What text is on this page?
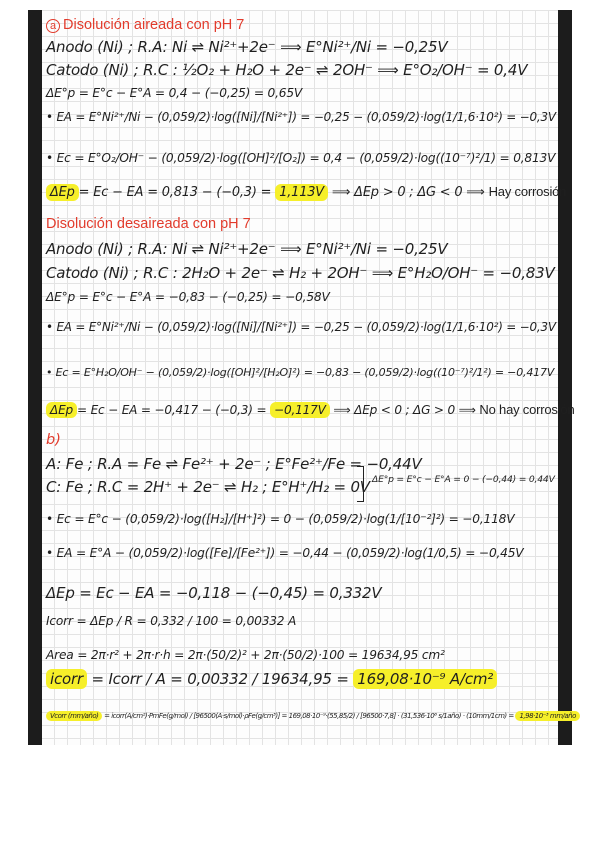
a Disolución aireada con pH 7
Anodo (Ni) ; R.A: Ni ⇌ Ni²⁺+2e⁻ ⟹ E°Ni²⁺/Ni = −0,25V
Catodo (Ni) ; R.C : ½O₂ + H₂O + 2e⁻ ⇌ 2OH⁻ ⟹ E°O₂/OH⁻ = 0,4V
ΔE°p = E°c − E°A = 0,4 − (−0,25) = 0,65V
• EA = E°Ni²⁺/Ni − (0,059/2)·log([Ni]/[Ni²⁺]) = −0,25 − (0,059/2)·log(1/1,6·10²) = −0,3V
• Ec = E°O₂/OH⁻ − (0,059/2)·log([OH]²/[O₂]) = 0,4 − (0,059/2)·log((10⁻⁷)²/1) = 0,813V
ΔEp = Ec − EA = 0,813 − (−0,3) = 1,113V ⟹ ΔEp > 0 ; ΔG < 0 ⟹ Hay corrosión
Disolución desaireada con pH 7
Anodo (Ni) ; R.A: Ni ⇌ Ni²⁺+2e⁻ ⟹ E°Ni²⁺/Ni = −0,25V
Catodo (Ni) ; R.C : 2H₂O + 2e⁻ ⇌ H₂ + 2OH⁻ ⟹ E°H₂O/OH⁻ = −0,83V
ΔE°p = E°c − E°A = −0,83 − (−0,25) = −0,58V
• EA = E°Ni²⁺/Ni − (0,059/2)·log([Ni]/[Ni²⁺]) = −0,25 − (0,059/2)·log(1/1,6·10²) = −0,3V
• Ec = E°H₂O/OH⁻ − (0,059/2)·log([OH]²/[H₂O]²) = −0,83 − (0,059/2)·log((10⁻⁷)²/1²) = −0,417V
ΔEp = Ec − EA = −0,417 − (−0,3) = −0,117V ⟹ ΔEp < 0 ; ΔG > 0 ⟹ No hay corrosión
b)
A: Fe ; R.A = Fe ⇌ Fe²⁺ + 2e⁻ ; E°Fe²⁺/Fe = −0,44V
C: Fe ; R.C = 2H⁺ + 2e⁻ ⇌ H₂ ; E°H⁺/H₂ = 0V ΔE°p = E°c − E°A = 0 − (−0,44) = 0,44V
• Ec = E°c − (0,059/2)·log([H₂]/[H⁺]²) = 0 − (0,059/2)·log(1/[10⁻²]²) = −0,118V
• EA = E°A − (0,059/2)·log([Fe]/[Fe²⁺]) = −0,44 − (0,059/2)·log(1/0,5) = −0,45V
ΔEp = Ec − EA = −0,118 − (−0,45) = 0,332V
Icorr = ΔEp / R = 0,332 / 100 = 0,00332 A
Area = 2π·r² + 2π·r·h = 2π·(50/2)² + 2π·(50/2)·100 = 19634,95 cm²
icorr = Icorr / A = 0,00332 / 19634,95 = 169,08·10⁻⁹ A/cm²
Vcorr (mm/año) = icorr(A/cm²)·PmFe(g/mol) / [96500(A·s/mol)·ρFe(g/cm³)] = 169,08·10⁻⁹·(55,85/2) / [96500·7,8] · (31,536·10⁶ s/1año) · (10mm/1cm) = 1,98·10⁻³ mm/año
